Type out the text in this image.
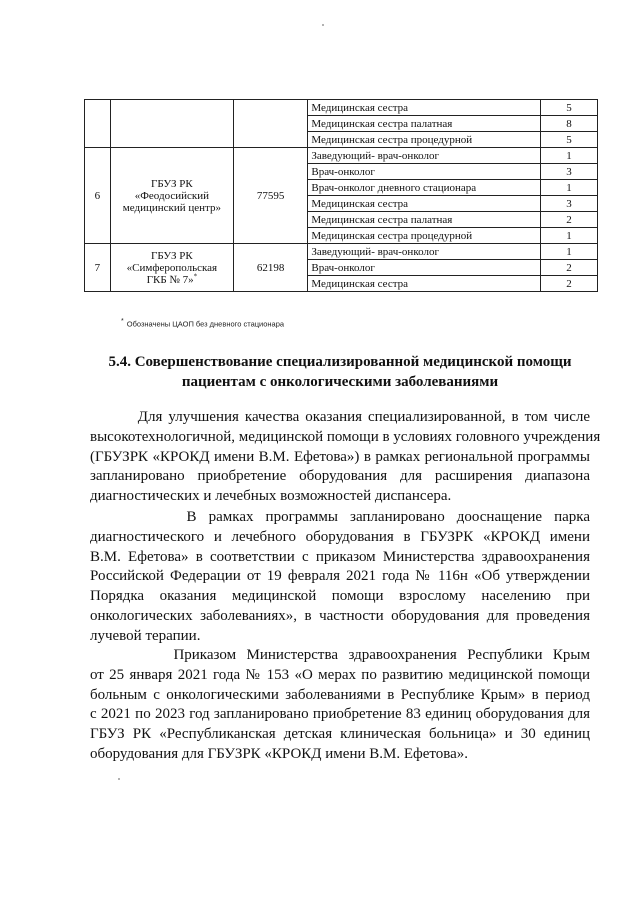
			Медицинская сестра	5
			Медицинская сестра палатная	8
			Медицинская сестра процедурной	5
6	ГБУЗ РК
«Феодосийский
медицинский центр»	77595	Заведующий- врач-онколог	1
			Врач-онколог	3
			Врач-онколог дневного стационара	1
			Медицинская сестра	3
			Медицинская сестра палатная	2
			Медицинская сестра процедурной	1
7	ГБУЗ РК
«Симферопольская
ГКБ № 7»*	62198	Заведующий- врач-онколог	1
			Врач-онколог	2
			Медицинская сестра	2
* Обозначены ЦАОП без дневного стационара
5.4. Совершенствование специализированной медицинской помощи
пациентам с онкологическими заболеваниями
Для улучшения качества оказания специализированной, в том числе
высокотехнологичной, медицинской помощи в условиях головного учреждения
(ГБУЗРК «КРОКД имени В.М. Ефетова») в рамках региональной программы
запланировано приобретение оборудования для расширения диапазона
диагностических и лечебных возможностей диспансера.
В рамках программы запланировано дооснащение парка
диагностического и лечебного оборудования в ГБУЗРК «КРОКД имени
В.М. Ефетова» в соответствии с приказом Министерства здравоохранения
Российской Федерации от 19 февраля 2021 года № 116н «Об утверждении
Порядка оказания медицинской помощи взрослому населению при
онкологических заболеваниях», в частности оборудования для проведения
лучевой терапии.
Приказом Министерства здравоохранения Республики Крым
от 25 января 2021 года № 153 «О мерах по развитию медицинской помощи
больным с онкологическими заболеваниями в Республике Крым» в период
с 2021 по 2023 год запланировано приобретение 83 единиц оборудования для
ГБУЗ РК «Республиканская детская клиническая больница» и 30 единиц
оборудования для ГБУЗРК «КРОКД имени В.М. Ефетова».
